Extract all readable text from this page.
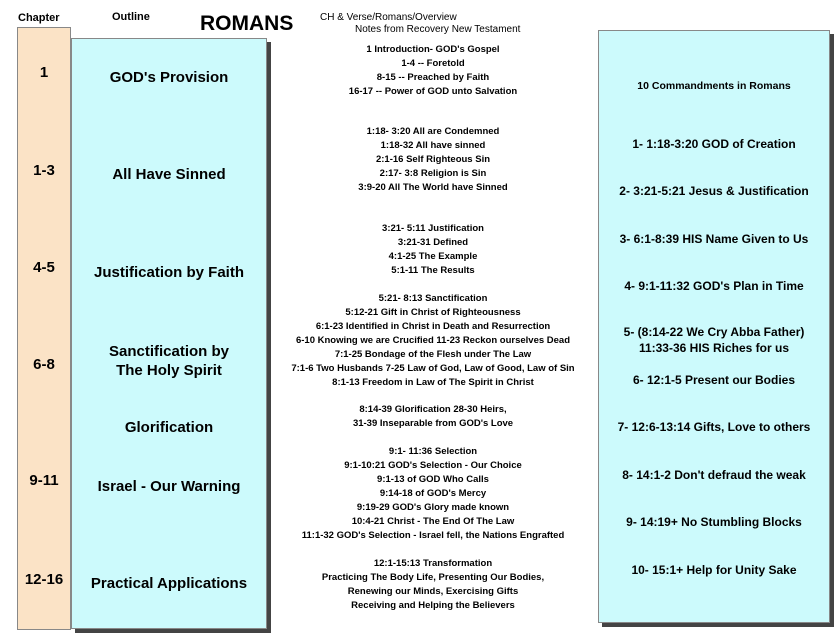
Chapter	Outline ROMANS	CH & Verse/Romans/Overview
Notes from Recovery New Testament
1
1-3
4-5
6-8
9-11
12-16
GOD's Provision
All Have Sinned
Justification by Faith
Sanctification by
The Holy Spirit
Glorification
Israel - Our Warning
Practical Applications
1 Introduction- GOD's Gospel
1-4 -- Foretold
8-15 -- Preached by Faith
16-17 -- Power of GOD unto Salvation
1:18- 3:20 All are Condemned
1:18-32 All have sinned
2:1-16 Self Righteous Sin
2:17- 3:8 Religion is Sin
3:9-20 All The World have Sinned
3:21- 5:11 Justification
3:21-31 Defined
4:1-25 The Example
5:1-11 The Results
5:21- 8:13 Sanctification
5:12-21 Gift in Christ of Righteousness
6:1-23 Identified in Christ in Death and Resurrection
6-10 Knowing we are Crucified 11-23 Reckon ourselves Dead
7:1-25 Bondage of the Flesh under The Law
7:1-6 Two Husbands 7-25 Law of God, Law of Good, Law of Sin
8:1-13 Freedom in Law of The Spirit in Christ
8:14-39 Glorification 28-30 Heirs,
31-39 Inseparable from GOD's Love
9:1- 11:36 Selection
9:1-10:21 GOD's Selection - Our Choice
9:1-13 of GOD Who Calls
9:14-18 of GOD's Mercy
9:19-29 GOD's Glory made known
10:4-21 Christ - The End Of The Law
11:1-32 GOD's Selection - Israel fell, the Nations Engrafted
12:1-15:13 Transformation
Practicing The Body Life, Presenting Our Bodies,
Renewing our Minds, Exercising Gifts
Receiving and Helping the Believers
10 Commandments in Romans
1- 1:18-3:20 GOD of Creation
2- 3:21-5:21 Jesus & Justification
3- 6:1-8:39 HIS Name Given to Us
4- 9:1-11:32 GOD's Plan in Time
5- (8:14-22 We Cry Abba Father)
11:33-36 HIS Riches for us
6- 12:1-5 Present our Bodies
7- 12:6-13:14 Gifts, Love to others
8- 14:1-2 Don't defraud the weak
9- 14:19+ No Stumbling Blocks
10- 15:1+ Help for Unity Sake
